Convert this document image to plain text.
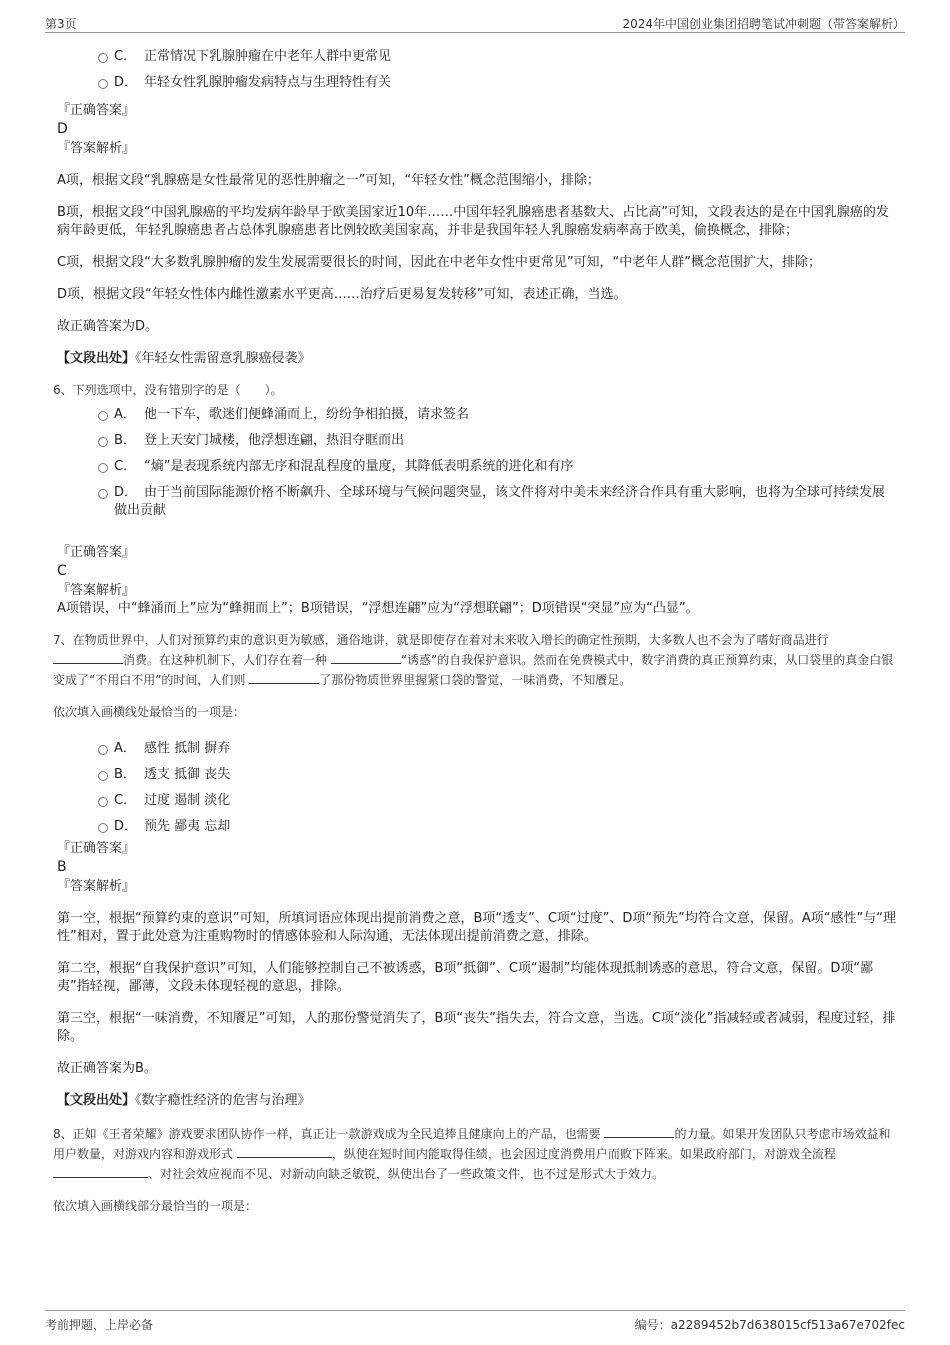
第3页	2024年中国创业集团招聘笔试冲刺题（带答案解析）
C． 正常情况下乳腺肿瘤在中老年人群中更常见
D． 年轻女性乳腺肿瘤发病特点与生理特性有关

『正确答案』

D

『答案解析』

A项，根据文段“乳腺癌是女性最常见的恶性肿瘤之一”可知，“年轻女性”概念范围缩小，排除；

B项，根据文段“中国乳腺癌的平均发病年龄早于欧美国家近10年……中国年轻乳腺癌患者基数大、占比高”可知，文段表达的是在中国乳腺癌的发病年龄更低，年轻乳腺癌患者占总体乳腺癌患者比例较欧美国家高，并非是我国年轻人乳腺癌发病率高于欧美，偷换概念，排除；

C项，根据文段“大多数乳腺肿瘤的发生发展需要很长的时间，因此在中老年女性中更常见”可知，“中老年人群”概念范围扩大，排除；

D项，根据文段“年轻女性体内雌性激素水平更高……治疗后更易复发转移”可知，表述正确，当选。

故正确答案为D。

【文段出处】《年轻女性需留意乳腺癌侵袭》

6、下列选项中，没有错别字的是（　　）。

A． 他一下车，歌迷们便蜂涌而上，纷纷争相拍摄，请求签名
B． 登上天安门城楼，他浮想连翩，热泪夺眶而出
C． “熵”是表现系统内部无序和混乱程度的量度，其降低表明系统的进化和有序
D． 由于当前国际能源价格不断飙升、全球环境与气候问题突显，该文件将对中美未来经济合作具有重大影响，也将为全球可持续发展做出贡献

『正确答案』

C

『答案解析』

A项错误，中“蜂涌而上”应为“蜂拥而上”；B项错误，“浮想连翩”应为“浮想联翩”；D项错误“突显”应为“凸显”。

7、在物质世界中，人们对预算约束的意识更为敏感，通俗地讲，就是即使存在着对未来收入增长的确定性预期，大多数人也不会为了嗜好商品进行 消费。在这种机制下，人们存在着一种	“诱惑”的自我保护意识。然而在免费模式中，数字消费的真正预算约束，从口袋里的真金白银变成了“不用白不用”的时间，人们则	了那份物质世界里握紧口袋的警觉，一味消费，不知餍足。

依次填入画横线处最恰当的一项是：

A． 感性 抵制 摒弃
B． 透支 抵御 丧失
C． 过度 遏制 淡化
D． 预先 鄙夷 忘却

『正确答案』

B

『答案解析』

第一空，根据“预算约束的意识”可知，所填词语应体现出提前消费之意，B项“透支”、C项“过度”、D项“预先”均符合文意，保留。A项“感性”与“理性”相对，置于此处意为注重购物时的情感体验和人际沟通，无法体现出提前消费之意，排除。

第二空，根据“自我保护意识”可知，人们能够控制自己不被诱惑，B项“抵御”、C项“遏制”均能体现抵制诱惑的意思，符合文意，保留。D项“鄙夷”指轻视，鄙薄，文段未体现轻视的意思，排除。

第三空，根据“一味消费，不知餍足”可知，人的那份警觉消失了，B项“丧失”指失去，符合文意，当选。C项“淡化”指减轻或者减弱，程度过轻，排除。

故正确答案为B。

【文段出处】《数字瘾性经济的危害与治理》

8、正如《王者荣耀》游戏要求团队协作一样，真正让一款游戏成为全民追捧且健康向上的产品，也需要	的力量。如果开发团队只考虑市场效益和用户数量，对游戏内容和游戏形式	，纵使在短时间内能取得佳绩，也会因过度消费用户而败下阵来。如果政府部门，对游戏全流程 、对社会效应视而不见、对新动向缺乏敏锐，纵使出台了一些政策文件，也不过是形式大于效力。

依次填入画横线部分最恰当的一项是：

考前押题，上岸必备	编号：a2289452b7d638015cf513a67e702fec
